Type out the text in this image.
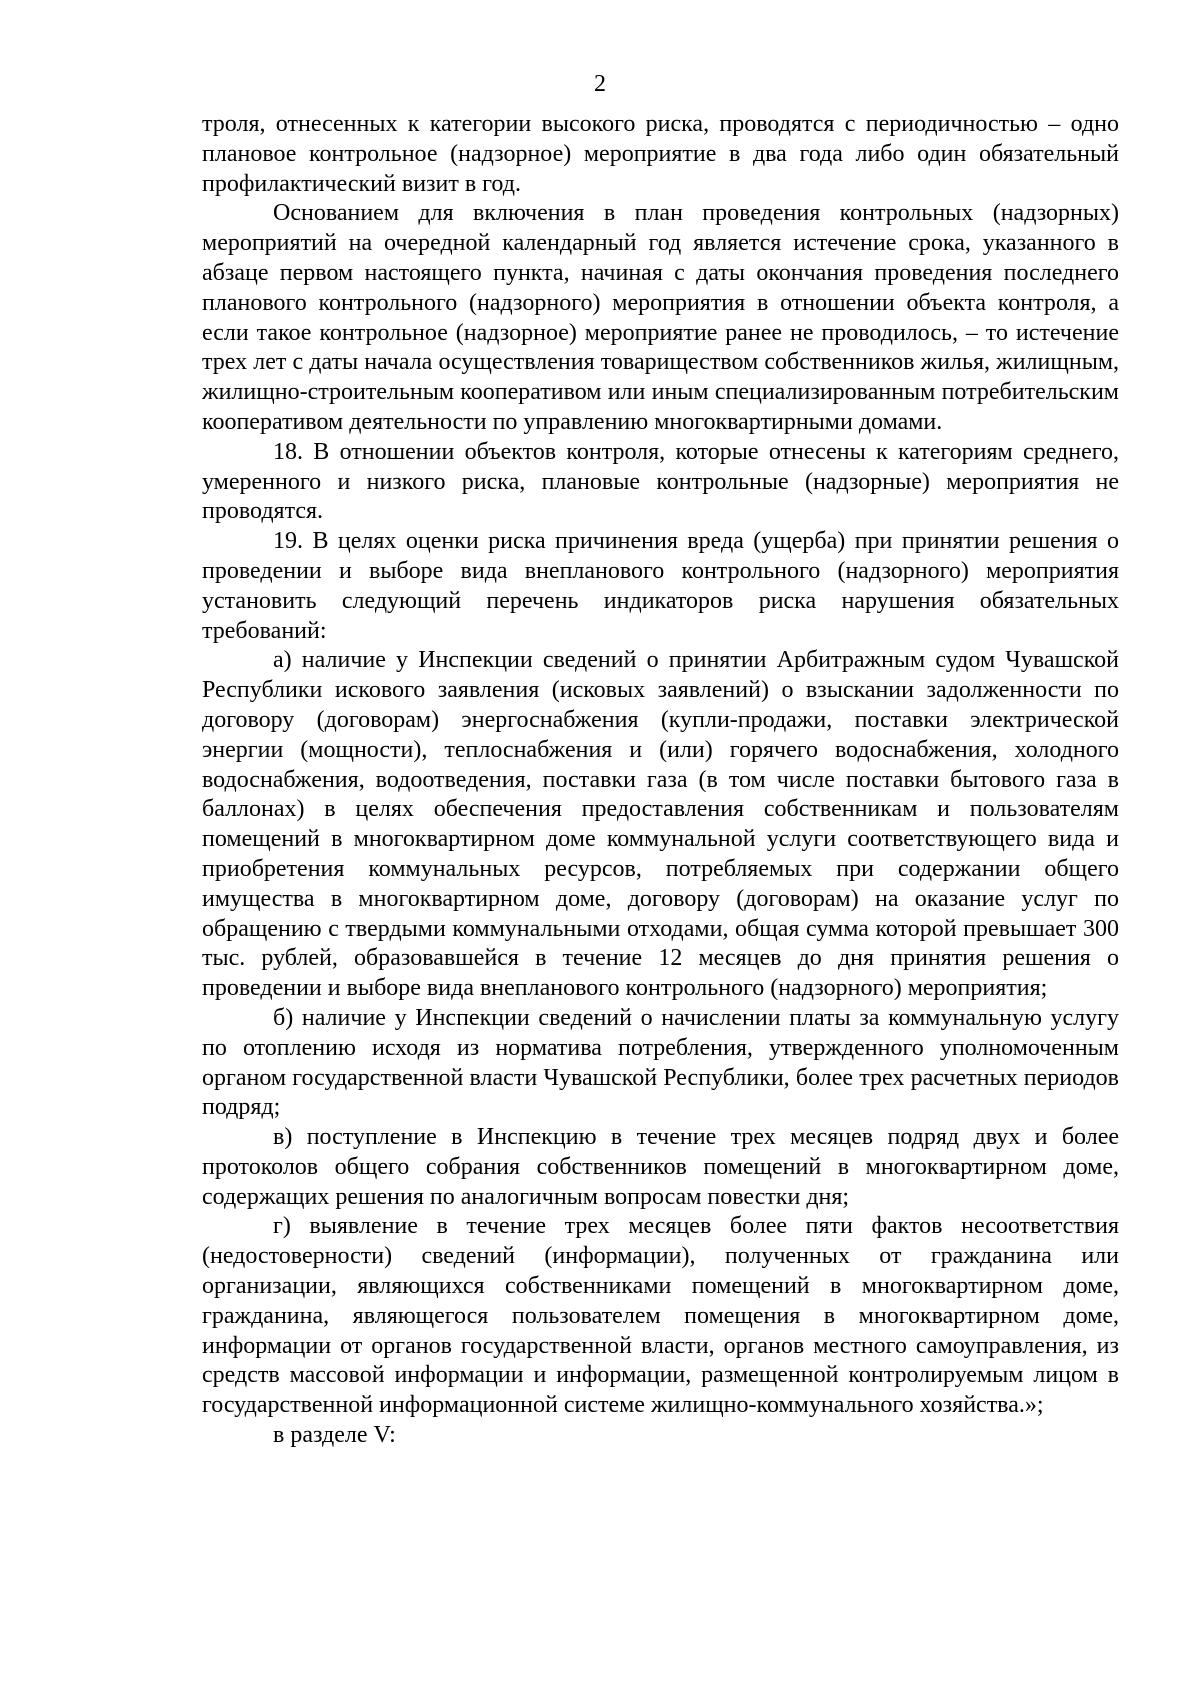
2

троля, отнесенных к категории высокого риска, проводятся с периодичностью – одно плановое контрольное (надзорное) мероприятие в два года либо один обязательный профилактический визит в год.

Основанием для включения в план проведения контрольных (надзорных) мероприятий на очередной календарный год является истечение срока, указанного в абзаце первом настоящего пункта, начиная с даты окончания проведения последнего планового контрольного (надзорного) мероприятия в отношении объекта контроля, а если такое контрольное (надзорное) мероприятие ранее не проводилось, – то истечение трех лет с даты начала осуществления товариществом собственников жилья, жилищным, жилищно-строительным кооперативом или иным специализированным потребительским кооперативом деятельности по управлению многоквартирными домами.

18. В отношении объектов контроля, которые отнесены к категориям среднего, умеренного и низкого риска, плановые контрольные (надзорные) мероприятия не проводятся.

19. В целях оценки риска причинения вреда (ущерба) при принятии решения о проведении и выборе вида внепланового контрольного (надзорного) мероприятия установить следующий перечень индикаторов риска нарушения обязательных требований:

а) наличие у Инспекции сведений о принятии Арбитражным судом Чувашской Республики искового заявления (исковых заявлений) о взыскании задолженности по договору (договорам) энергоснабжения (купли-продажи, поставки электрической энергии (мощности), теплоснабжения и (или) горячего водоснабжения, холодного водоснабжения, водоотведения, поставки газа (в том числе поставки бытового газа в баллонах) в целях обеспечения предоставления собственникам и пользователям помещений в многоквартирном доме коммунальной услуги соответствующего вида и приобретения коммунальных ресурсов, потребляемых при содержании общего имущества в многоквартирном доме, договору (договорам) на оказание услуг по обращению с твердыми коммунальными отходами, общая сумма которой превышает 300 тыс. рублей, образовавшейся в течение 12 месяцев до дня принятия решения о проведении и выборе вида внепланового контрольного (надзорного) мероприятия;

б) наличие у Инспекции сведений о начислении платы за коммунальную услугу по отоплению исходя из норматива потребления, утвержденного уполномоченным органом государственной власти Чувашской Республики, более трех расчетных периодов подряд;

в) поступление в Инспекцию в течение трех месяцев подряд двух и более протоколов общего собрания собственников помещений в многоквартирном доме, содержащих решения по аналогичным вопросам повестки дня;

г) выявление в течение трех месяцев более пяти фактов несоответствия (недостоверности) сведений (информации), полученных от гражданина или организации, являющихся собственниками помещений в многоквартирном доме, гражданина, являющегося пользователем помещения в многоквартирном доме, информации от органов государственной власти, органов местного самоуправления, из средств массовой информации и информации, размещенной контролируемым лицом в государственной информационной системе жилищно-коммунального хозяйства.»;

в разделе V:
